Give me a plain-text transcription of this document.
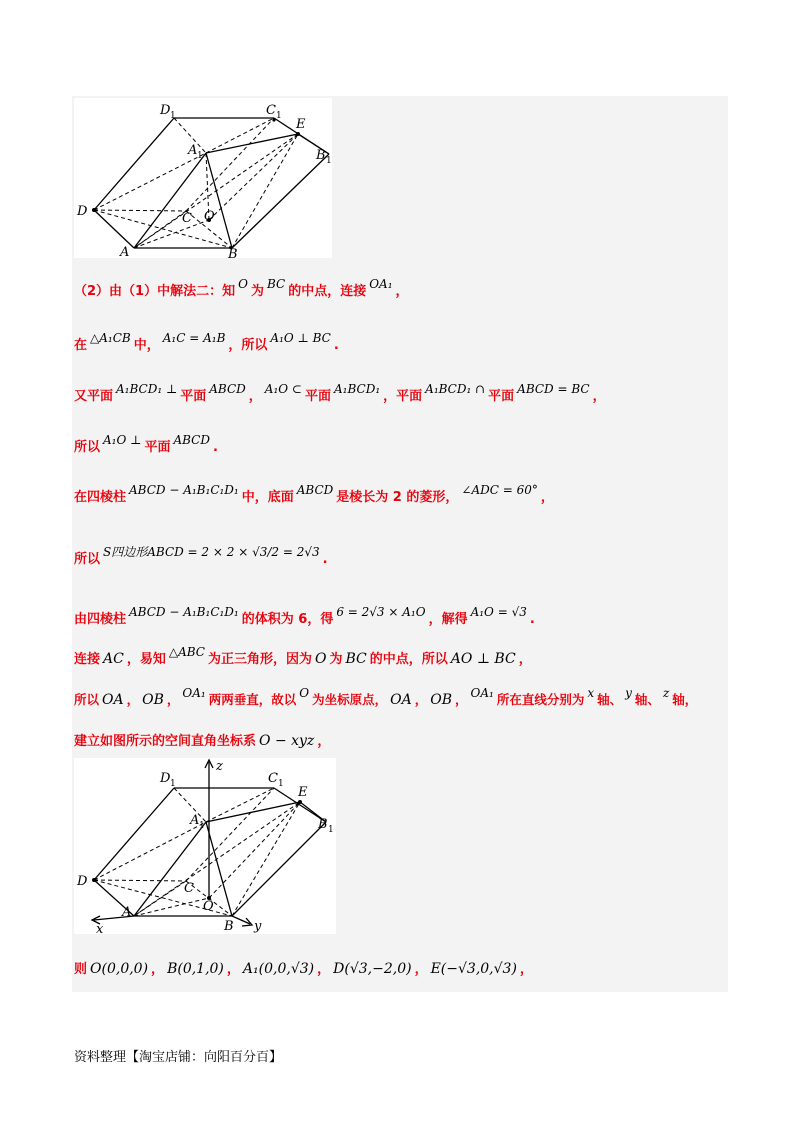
D 1	C 1
E
A 1	B 1
D	C O
A	B
（2）由（1）中解法二：知 O 为 BC 的中点，连接 OA₁ ，
在 △A₁CB 中， A₁C = A₁B ，所以 A₁O ⊥ BC .
又平面 A₁BCD₁ ⊥ 平面 ABCD ， A₁O ⊂ 平面 A₁BCD₁ ，平面 A₁BCD₁ ∩ 平面 ABCD = BC ，
所以 A₁O ⊥ 平面 ABCD .
在四棱柱 ABCD − A₁B₁C₁D₁ 中，底面 ABCD 是棱长为 2 的菱形， ∠ADC = 60° ，
所以 S四边形ABCD = 2 × 2 × √3/2 = 2√3 .
由四棱柱 ABCD − A₁B₁C₁D₁ 的体积为 6，得 6 = 2√3 × A₁O ，解得 A₁O = √3 .
连接 AC ，易知 △ABC 为正三角形，因为 O 为 BC 的中点，所以 AO ⊥ BC ，
所以 OA ， OB ， OA₁ 两两垂直，故以 O 为坐标原点， OA ， OB ， OA₁ 所在直线分别为 x 轴、 y 轴、 z 轴，
建立如图所示的空间直角坐标系 O − xyz ，
z
D 1	C 1
E
A 1	B 1
D	C
O
A
B
x	y
则 O(0,0,0) ， B(0,1,0) ， A₁(0,0,√3) ， D(√3,−2,0) ， E(−√3,0,√3) ，
资料整理【淘宝店铺：向阳百分百】
